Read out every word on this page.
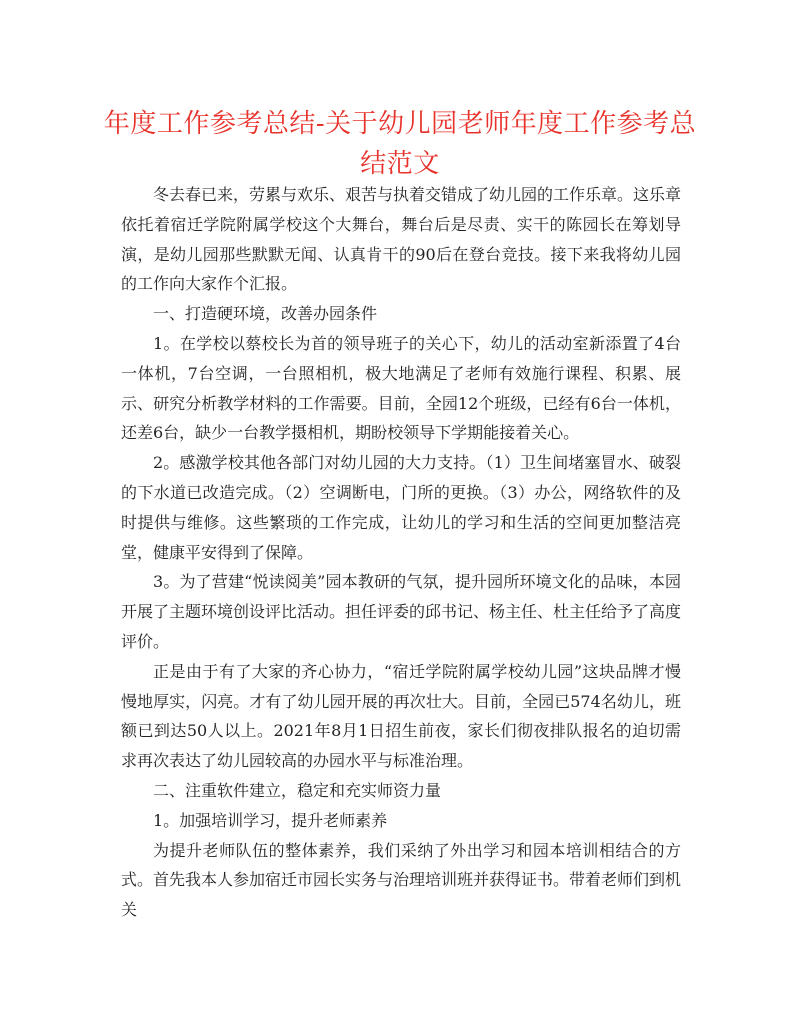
年度工作参考总结-关于幼儿园老师年度工作参考总结范文

冬去春已来，劳累与欢乐、艰苦与执着交错成了幼儿园的工作乐章。这乐章依托着宿迁学院附属学校这个大舞台，舞台后是尽责、实干的陈园长在筹划导演，是幼儿园那些默默无闻、认真肯干的90后在登台竞技。接下来我将幼儿园的工作向大家作个汇报。

一、打造硬环境，改善办园条件

1。在学校以蔡校长为首的领导班子的关心下，幼儿的活动室新添置了4台一体机，7台空调，一台照相机，极大地满足了老师有效施行课程、积累、展示、研究分析教学材料的工作需要。目前，全园12个班级，已经有6台一体机，还差6台，缺少一台教学摄相机，期盼校领导下学期能接着关心。

2。感激学校其他各部门对幼儿园的大力支持。（1）卫生间堵塞冒水、破裂的下水道已改造完成。（2）空调断电，门所的更换。（3）办公，网络软件的及时提供与维修。这些繁琐的工作完成，让幼儿的学习和生活的空间更加整洁亮堂，健康平安得到了保障。

3。为了营建“悦读阅美”园本教研的气氛，提升园所环境文化的品味，本园开展了主题环境创设评比活动。担任评委的邱书记、杨主任、杜主任给予了高度评价。

正是由于有了大家的齐心协力，“宿迁学院附属学校幼儿园”这块品牌才慢慢地厚实，闪亮。才有了幼儿园开展的再次壮大。目前，全园已574名幼儿，班额已到达50人以上。2021年8月1日招生前夜，家长们彻夜排队报名的迫切需求再次表达了幼儿园较高的办园水平与标准治理。

二、注重软件建立，稳定和充实师资力量

1。加强培训学习，提升老师素养

为提升老师队伍的整体素养，我们采纳了外出学习和园本培训相结合的方式。首先我本人参加宿迁市园长实务与治理培训班并获得证书。带着老师们到机关
